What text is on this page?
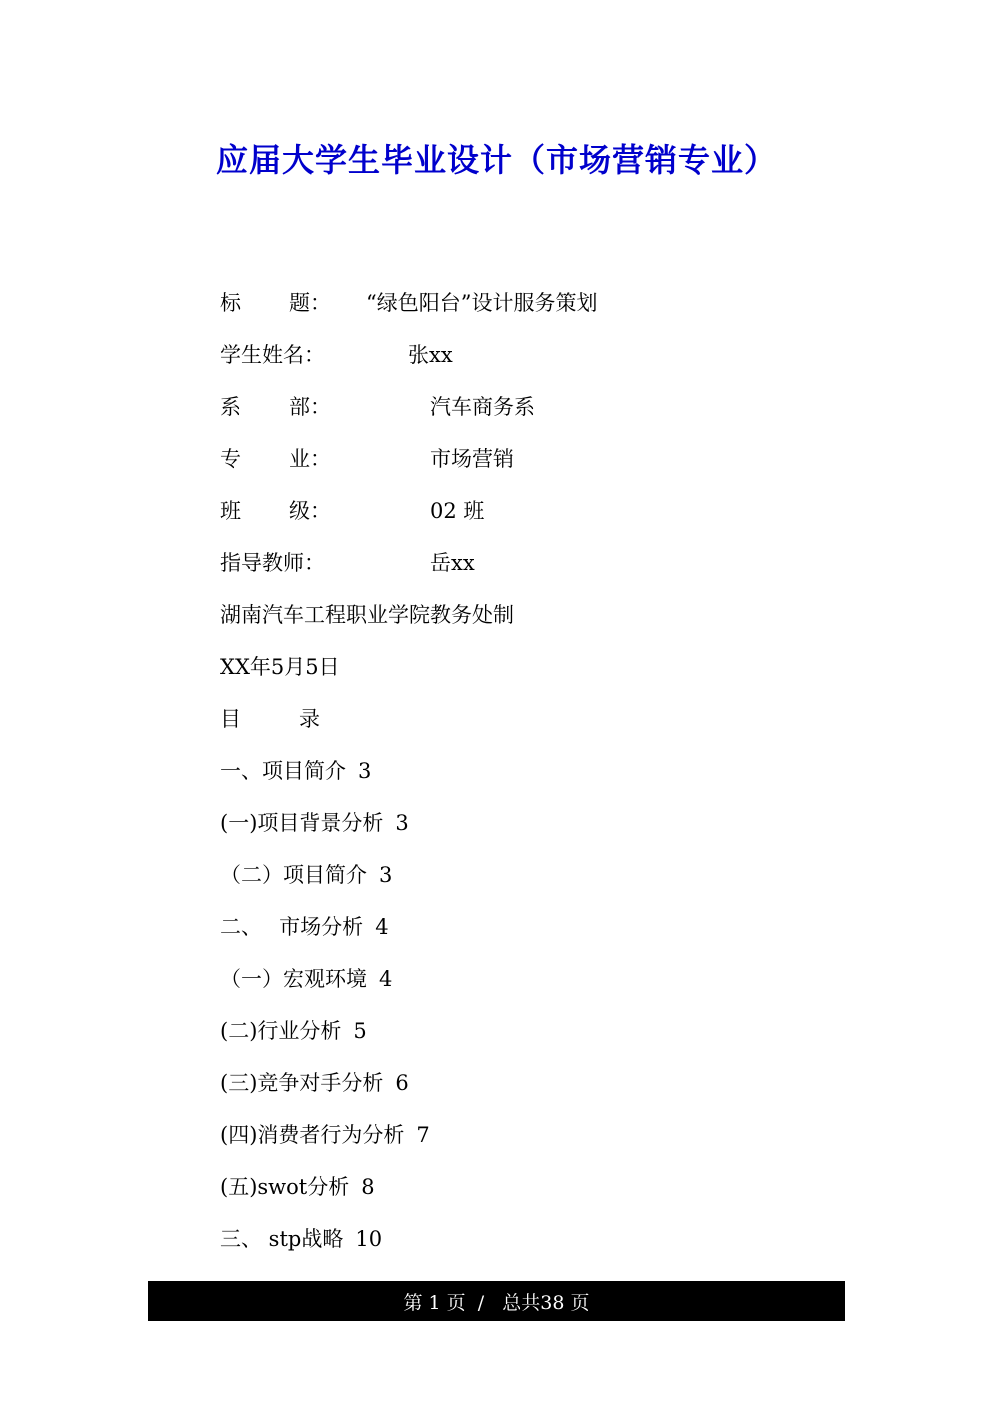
应届大学生毕业设计（市场营销专业）
标 题： “绿色阳台”设计服务策划
学生姓名：	张xx
系 部：	汽车商务系
专 业：	市场营销
班 级：	02 班
指导教师：	岳xx
湖南汽车工程职业学院教务处制
XX年5月5日
目	录
一、项目简介 3
(一)项目背景分析 3
（二）项目简介 3
二、　 市场分析 4
（一）宏观环境 4
(二)行业分析 5
(三)竞争对手分析 6
(四)消费者行为分析 7
(五)swot分析 8
三、 stp战略 10
第 1 页  /   总共38 页
